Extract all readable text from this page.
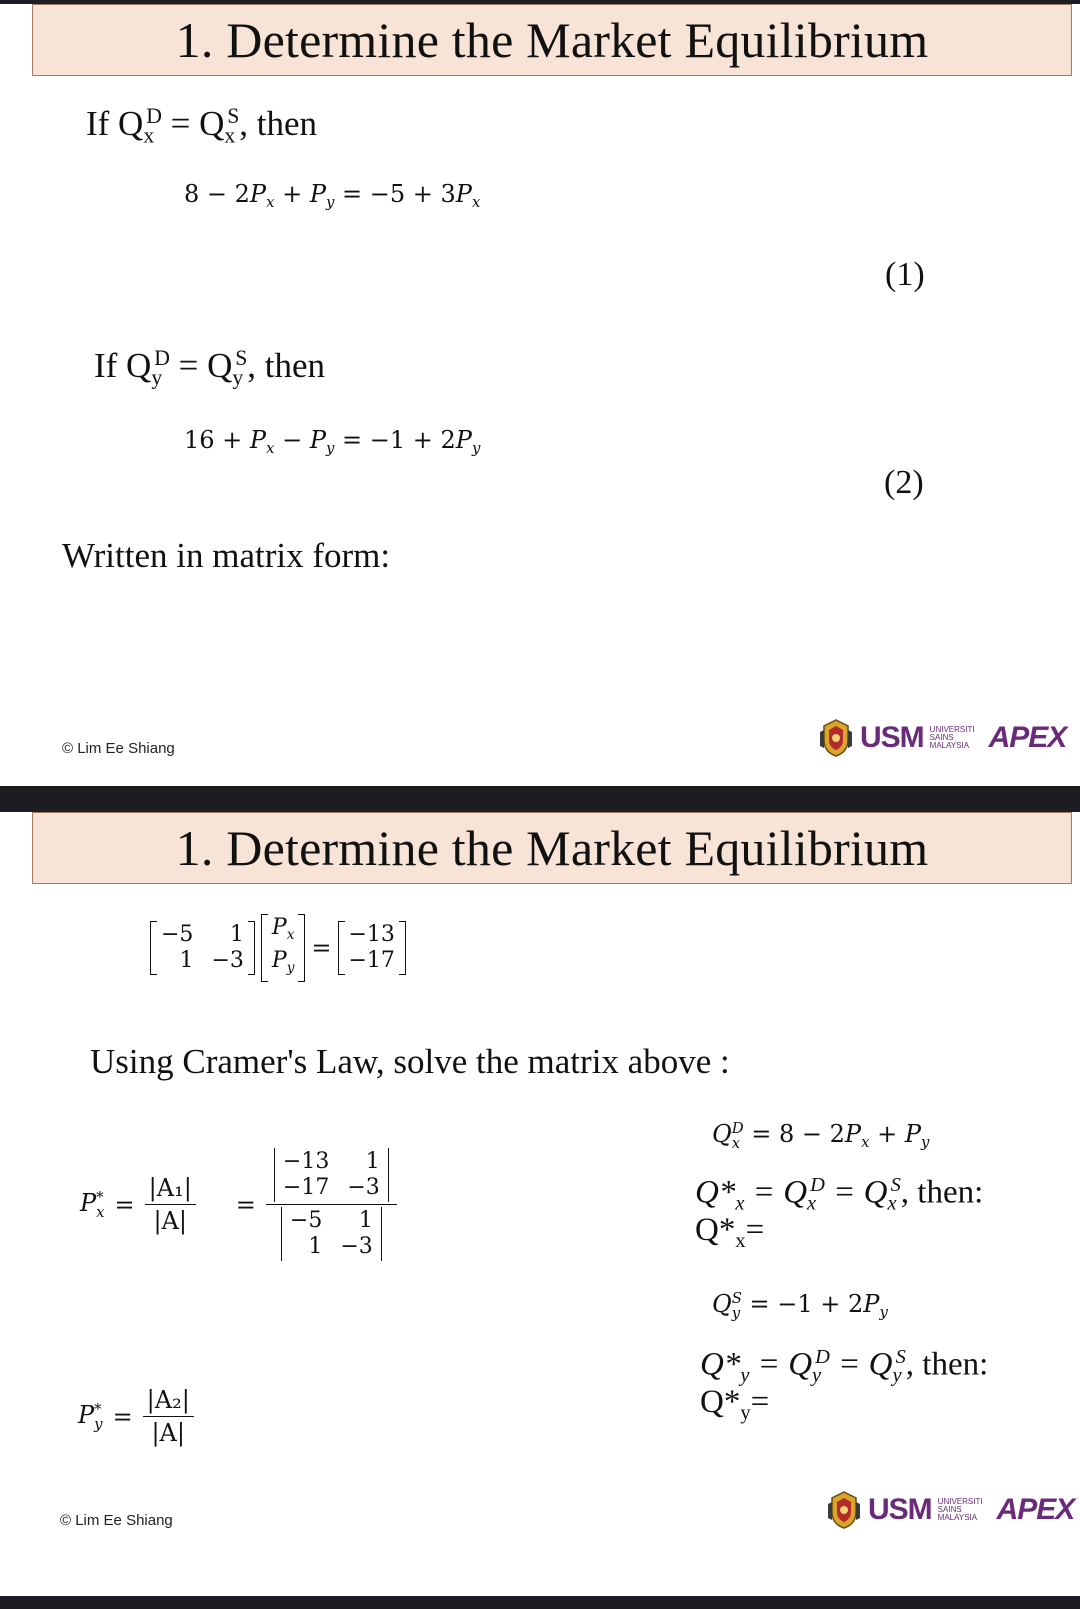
1. Determine the Market Equilibrium
If $Q_x^D = Q_x^S$, then
$8 - 2P_x + P_y = -5 + 3P_x$
(1)
If $Q_y^D = Q_y^S$, then
$16 + P_x - P_y = -1 + 2P_y$
(2)
Written in matrix form:
© Lim Ee Shiang	USM UNIVERSITI
SAINS
MALAYSIA APEX
1. Determine the Market Equilibrium
−5	1
1 −3
$P_x$
$P_y$
= −13
−17
Using Cramer's Law, solve the matrix above :
P *
$x = \frac{\text{|A₁|}}{|A|} = -13$	1
−17 −3
−5	1
1 −3
P *
$y = \frac{\text{|A₂|}}{|A|}$
Q D
$x = 8 - 2P_x + P_y$
$Q*_x = Q_x^D = Q_x^S$, then:
$Q*_x=$
Q S
$y = -1 + 2P_y$
$Q*_y = Q_y^D = Q_y^S$, then:
$Q*_y=$
© Lim Ee Shiang	USM UNIVERSITI
SAINS
MALAYSIA APEX
